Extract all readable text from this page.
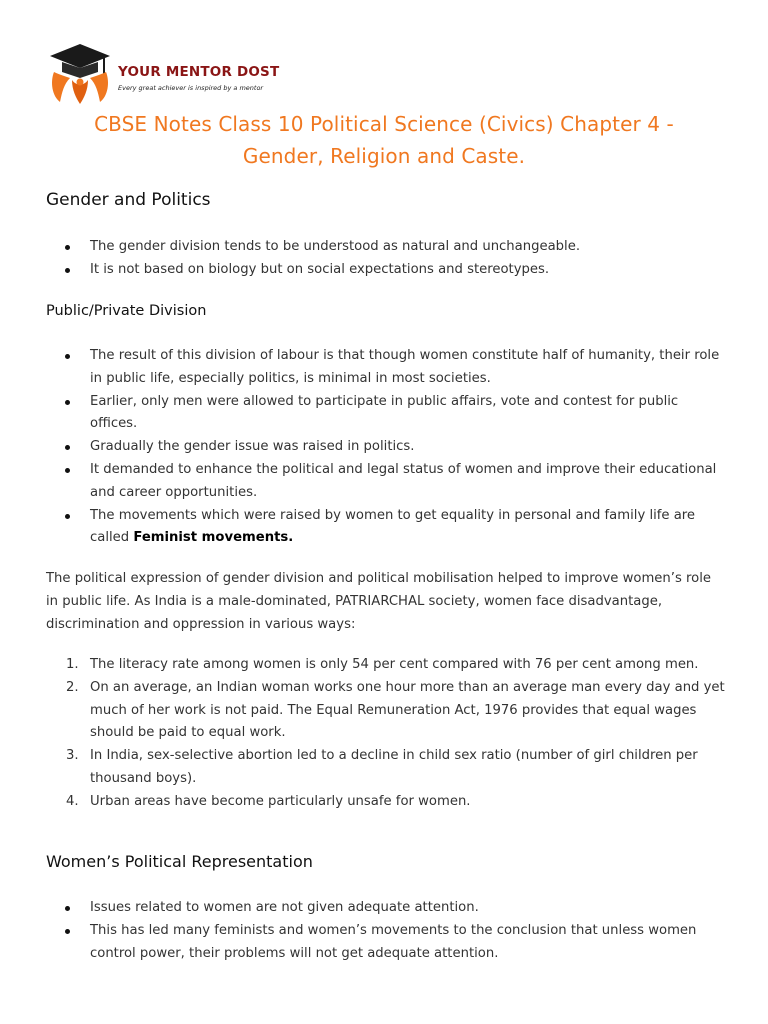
YOUR MENTOR DOST
Every great achiever is inspired by a mentor
CBSE Notes Class 10 Political Science (Civics) Chapter 4 -
Gender, Religion and Caste.
Gender and Politics
The gender division tends to be understood as natural and unchangeable.
It is not based on biology but on social expectations and stereotypes.
Public/Private Division
The result of this division of labour is that though women constitute half of humanity, their role in public life, especially politics, is minimal in most societies.
Earlier, only men were allowed to participate in public affairs, vote and contest for public offices.
Gradually the gender issue was raised in politics.
It demanded to enhance the political and legal status of women and improve their educational and career opportunities.
The movements which were raised by women to get equality in personal and family life are called Feminist movements.

The political expression of gender division and political mobilisation helped to improve women’s role in public life. As India is a male-dominated, PATRIARCHAL society, women face disadvantage, discrimination and oppression in various ways:

1. The literacy rate among women is only 54 per cent compared with 76 per cent among men.
2. On an average, an Indian woman works one hour more than an average man every day and yet much of her work is not paid. The Equal Remuneration Act, 1976 provides that equal wages should be paid to equal work.
3. In India, sex-selective abortion led to a decline in child sex ratio (number of girl children per thousand boys).
4. Urban areas have become particularly unsafe for women.
Women’s Political Representation
Issues related to women are not given adequate attention.
This has led many feminists and women’s movements to the conclusion that unless women control power, their problems will not get adequate attention.
